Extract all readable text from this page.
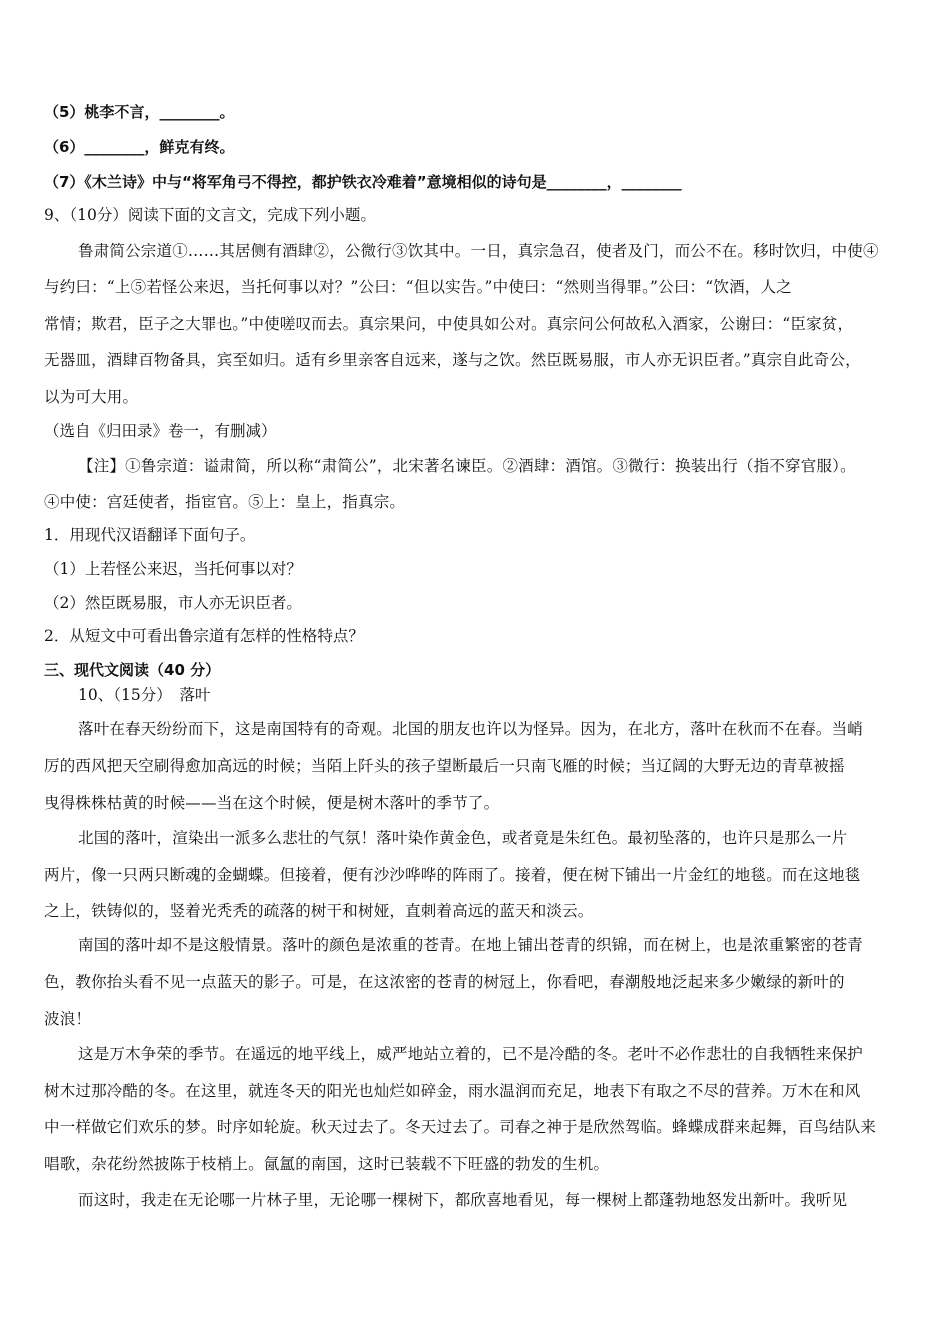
（5）桃李不言，________。
（6）________，鲜克有终。
（7）《木兰诗》中与“将军角弓不得控，都护铁衣冷难着”意境相似的诗句是________，________
9、（10分）阅读下面的文言文，完成下列小题。
鲁肃简公宗道①……其居侧有酒肆②，公微行③饮其中。一日，真宗急召，使者及门，而公不在。移时饮归，中使④
与约曰：“上⑤若怪公来迟，当托何事以对？”公曰：“但以实告。”中使曰：“然则当得罪。”公曰：“饮酒，人之
常情；欺君，臣子之大罪也。”中使嗟叹而去。真宗果问，中使具如公对。真宗问公何故私入酒家，公谢曰：“臣家贫，
无器皿，酒肆百物备具，宾至如归。适有乡里亲客自远来，遂与之饮。然臣既易服，市人亦无识臣者。”真宗自此奇公，
以为可大用。
（选自《归田录》卷一，有删减）
【注】①鲁宗道：谥肃简，所以称“肃简公”，北宋著名谏臣。②酒肆：酒馆。③微行：换装出行（指不穿官服）。
④中使：宫廷使者，指宦官。⑤上：皇上，指真宗。
1．用现代汉语翻译下面句子。
（1）上若怪公来迟，当托何事以对？
（2）然臣既易服，市人亦无识臣者。
2．从短文中可看出鲁宗道有怎样的性格特点？
三、现代文阅读（40 分）
10、（15分）　落叶
落叶在春天纷纷而下，这是南国特有的奇观。北国的朋友也许以为怪异。因为，在北方，落叶在秋而不在春。当峭
厉的西风把天空刷得愈加高远的时候；当陌上阡头的孩子望断最后一只南飞雁的时候；当辽阔的大野无边的青草被摇
曳得株株枯黄的时候——当在这个时候，便是树木落叶的季节了。
北国的落叶，渲染出一派多么悲壮的气氛！落叶染作黄金色，或者竟是朱红色。最初坠落的，也许只是那么一片
两片，像一只两只断魂的金蝴蝶。但接着，便有沙沙哗哗的阵雨了。接着，便在树下铺出一片金红的地毯。而在这地毯
之上，铁铸似的，竖着光秃秃的疏落的树干和树娅，直刺着高远的蓝天和淡云。
南国的落叶却不是这般情景。落叶的颜色是浓重的苍青。在地上铺出苍青的织锦，而在树上，也是浓重繁密的苍青
色，教你抬头看不见一点蓝天的影子。可是，在这浓密的苍青的树冠上，你看吧，春潮般地泛起来多少嫩绿的新叶的
波浪！
这是万木争荣的季节。在遥远的地平线上，威严地站立着的，已不是冷酷的冬。老叶不必作悲壮的自我牺牲来保护
树木过那冷酷的冬。在这里，就连冬天的阳光也灿烂如碎金，雨水温润而充足，地表下有取之不尽的营养。万木在和风
中一样做它们欢乐的梦。时序如轮旋。秋天过去了。冬天过去了。司春之神于是欣然驾临。蜂蝶成群来起舞，百鸟结队来
唱歌，杂花纷然披陈于枝梢上。氤氲的南国，这时已装载不下旺盛的勃发的生机。
而这时，我走在无论哪一片林子里，无论哪一棵树下，都欣喜地看见，每一棵树上都蓬勃地怒发出新叶。我听见
